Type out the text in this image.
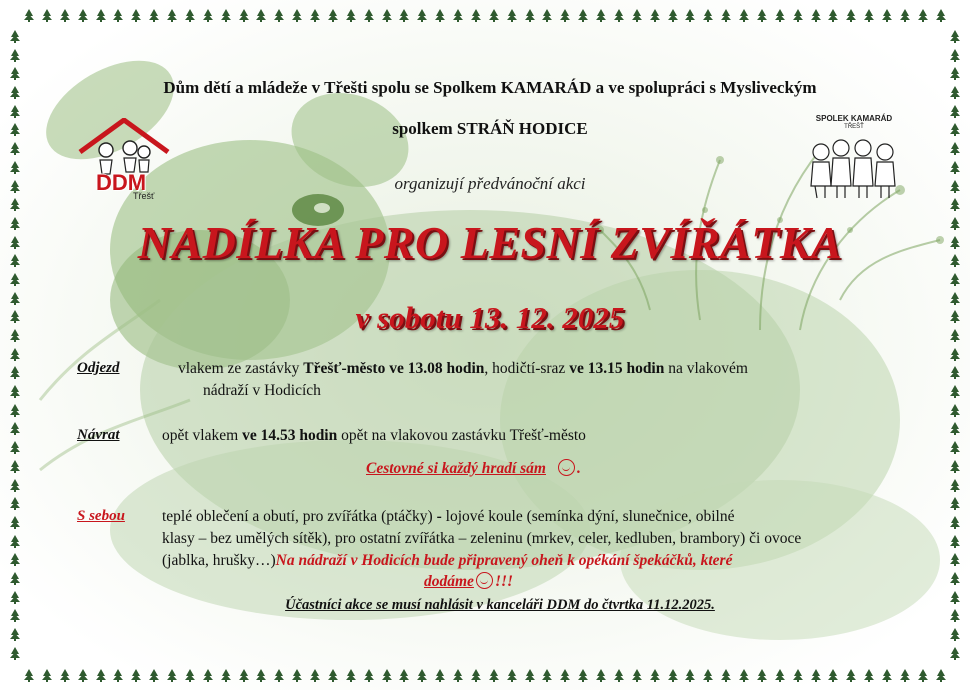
Dům dětí a mládeže v Třešti spolu se Spolkem KAMARÁD a ve spolupráci s Mysliveckým
spolkem STRÁŇ HODICE
DDM
Třešť
SPOLEK KAMARÁD
TŘEŠŤ
organizují předvánoční akci
NADÍLKA PRO LESNÍ ZVÍŘÁTKA
v sobotu 13. 12. 2025
Odjezd	vlakem ze zastávky Třešť-město ve 13.08 hodin, hodičtí-sraz ve 13.15 hodin na vlakovém
nádraží v Hodicích
Návrat	opět vlakem ve 14.53 hodin opět na vlakovou zastávku Třešť-město
Cestovné si každý hradí sám .
S sebou teplé oblečení a obutí, pro zvířátka (ptáčky) - lojové koule (semínka dýní, slunečnice, obilné
klasy – bez umělých sítěk), pro ostatní zvířátka – zeleninu (mrkev, celer, kedluben, brambory) či ovoce
(jablka, hrušky…)Na nádraží v Hodicích bude připravený oheň k opékání špekáčků, které
dodáme !!!
Účastníci akce se musí nahlásit v kanceláři DDM do čtvrtka 11.12.2025.
